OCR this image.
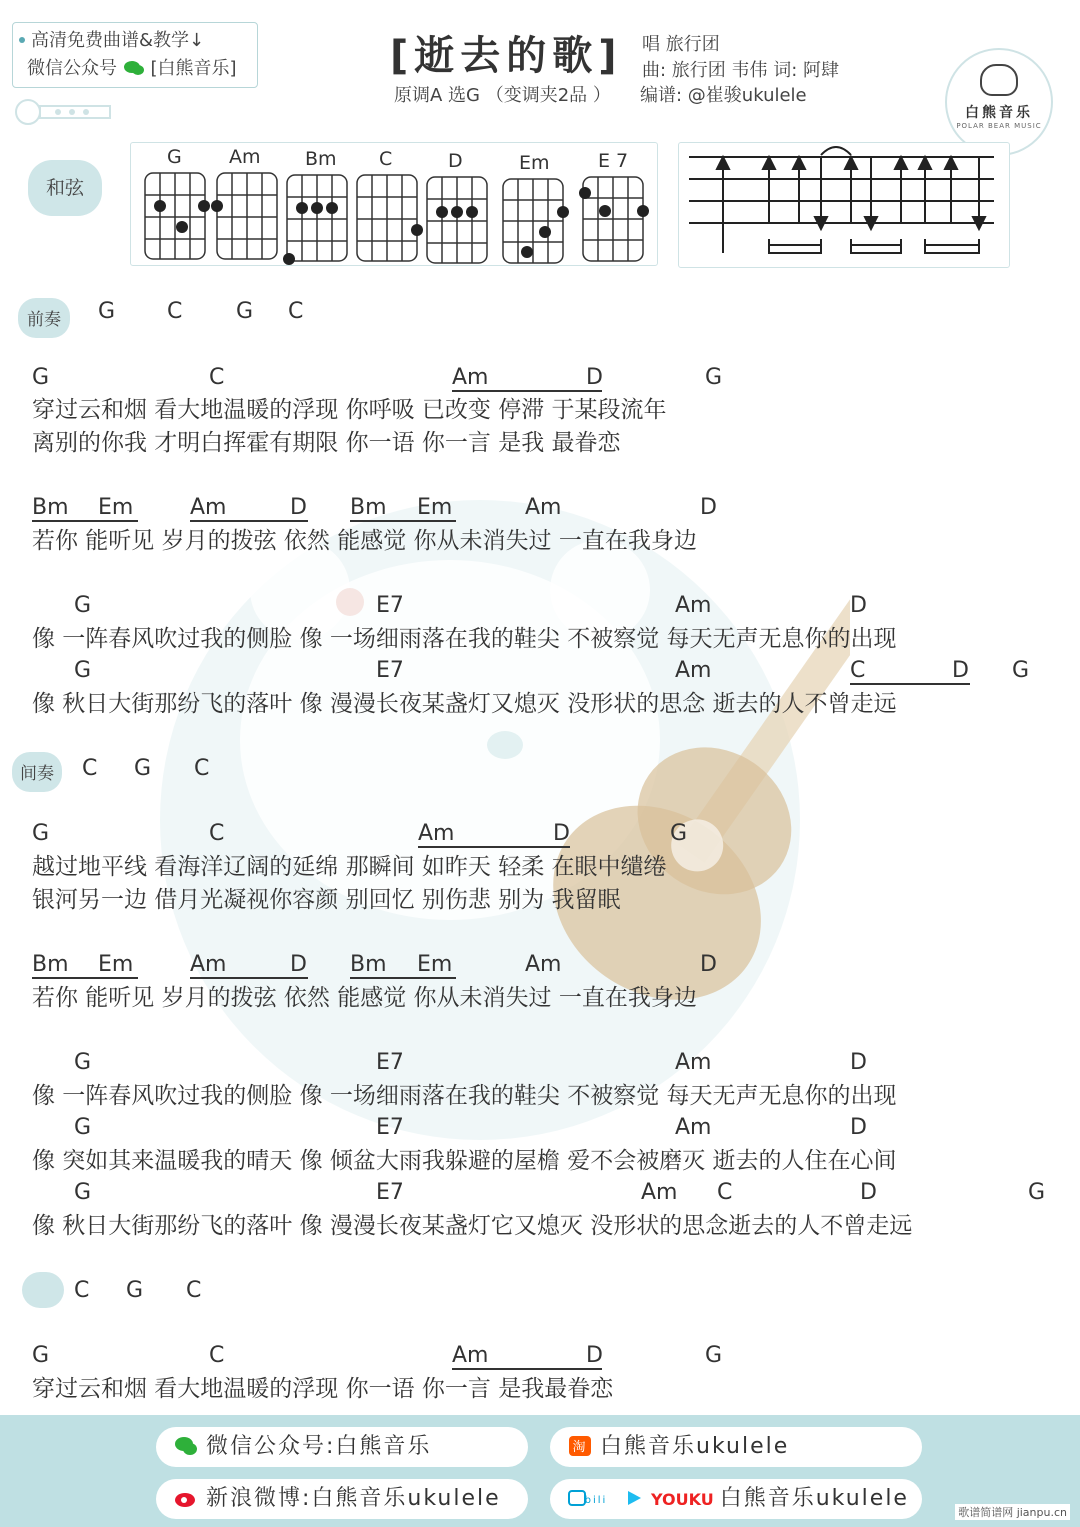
高清免费曲谱&教学↓
微信公众号 [白熊音乐]	[逝去的歌] 唱 旅行团
曲: 旅行团 韦伟 词: 阿肆
原调A 选G （变调夹2品 ） 编谱: @崔骏ukulele
白熊音乐
POLAR BEAR MUSIC
和弦
G Am Bm C	D	Em	E 7
前奏	G C G C
G	C	Am	D	G
穿过云和烟 看大地温暖的浮现 你呼吸 已改变 停滞 于某段流年
离别的你我 才明白挥霍有期限 你一语 你一言 是我 最眷恋
Bm Em	Am	D Bm Em	Am	D
若你 能听见 岁月的拨弦 依然 能感觉 你从未消失过 一直在我身边
G	E7	Am	D
像 一阵春风吹过我的侧脸 像 一场细雨落在我的鞋尖 不被察觉 每天无声无息你的出现
G	E7	Am	C	D G
像 秋日大街那纷飞的落叶 像 漫漫长夜某盏灯又熄灭 没形状的思念 逝去的人不曾走远
间奏	C G C
G	C	Am	D	G
越过地平线 看海洋辽阔的延绵 那瞬间 如昨天 轻柔 在眼中缱绻
银河另一边 借月光凝视你容颜 别回忆 别伤悲 别为 我留眠
Bm Em	Am	D Bm Em	Am	D
若你 能听见 岁月的拨弦 依然 能感觉 你从未消失过 一直在我身边
G	E7	Am	D
像 一阵春风吹过我的侧脸 像 一场细雨落在我的鞋尖 不被察觉 每天无声无息你的出现
G	E7	Am	D
像 突如其来温暖我的晴天 像 倾盆大雨我躲避的屋檐 爱不会被磨灭 逝去的人住在心间
G	E7	Am C	D	G
像 秋日大街那纷飞的落叶 像 漫漫长夜某盏灯它又熄灭 没形状的思念逝去的人不曾走远
C G C
G	C	Am	D	G
穿过云和烟 看大地温暖的浮现 你一语 你一言 是我最眷恋
微信公众号:白熊音乐	淘 白熊音乐ukulele
新浪微博:白熊音乐ukulele	bili	YOUKU 白熊音乐ukulele
歌谱简谱网 jianpu.cn
